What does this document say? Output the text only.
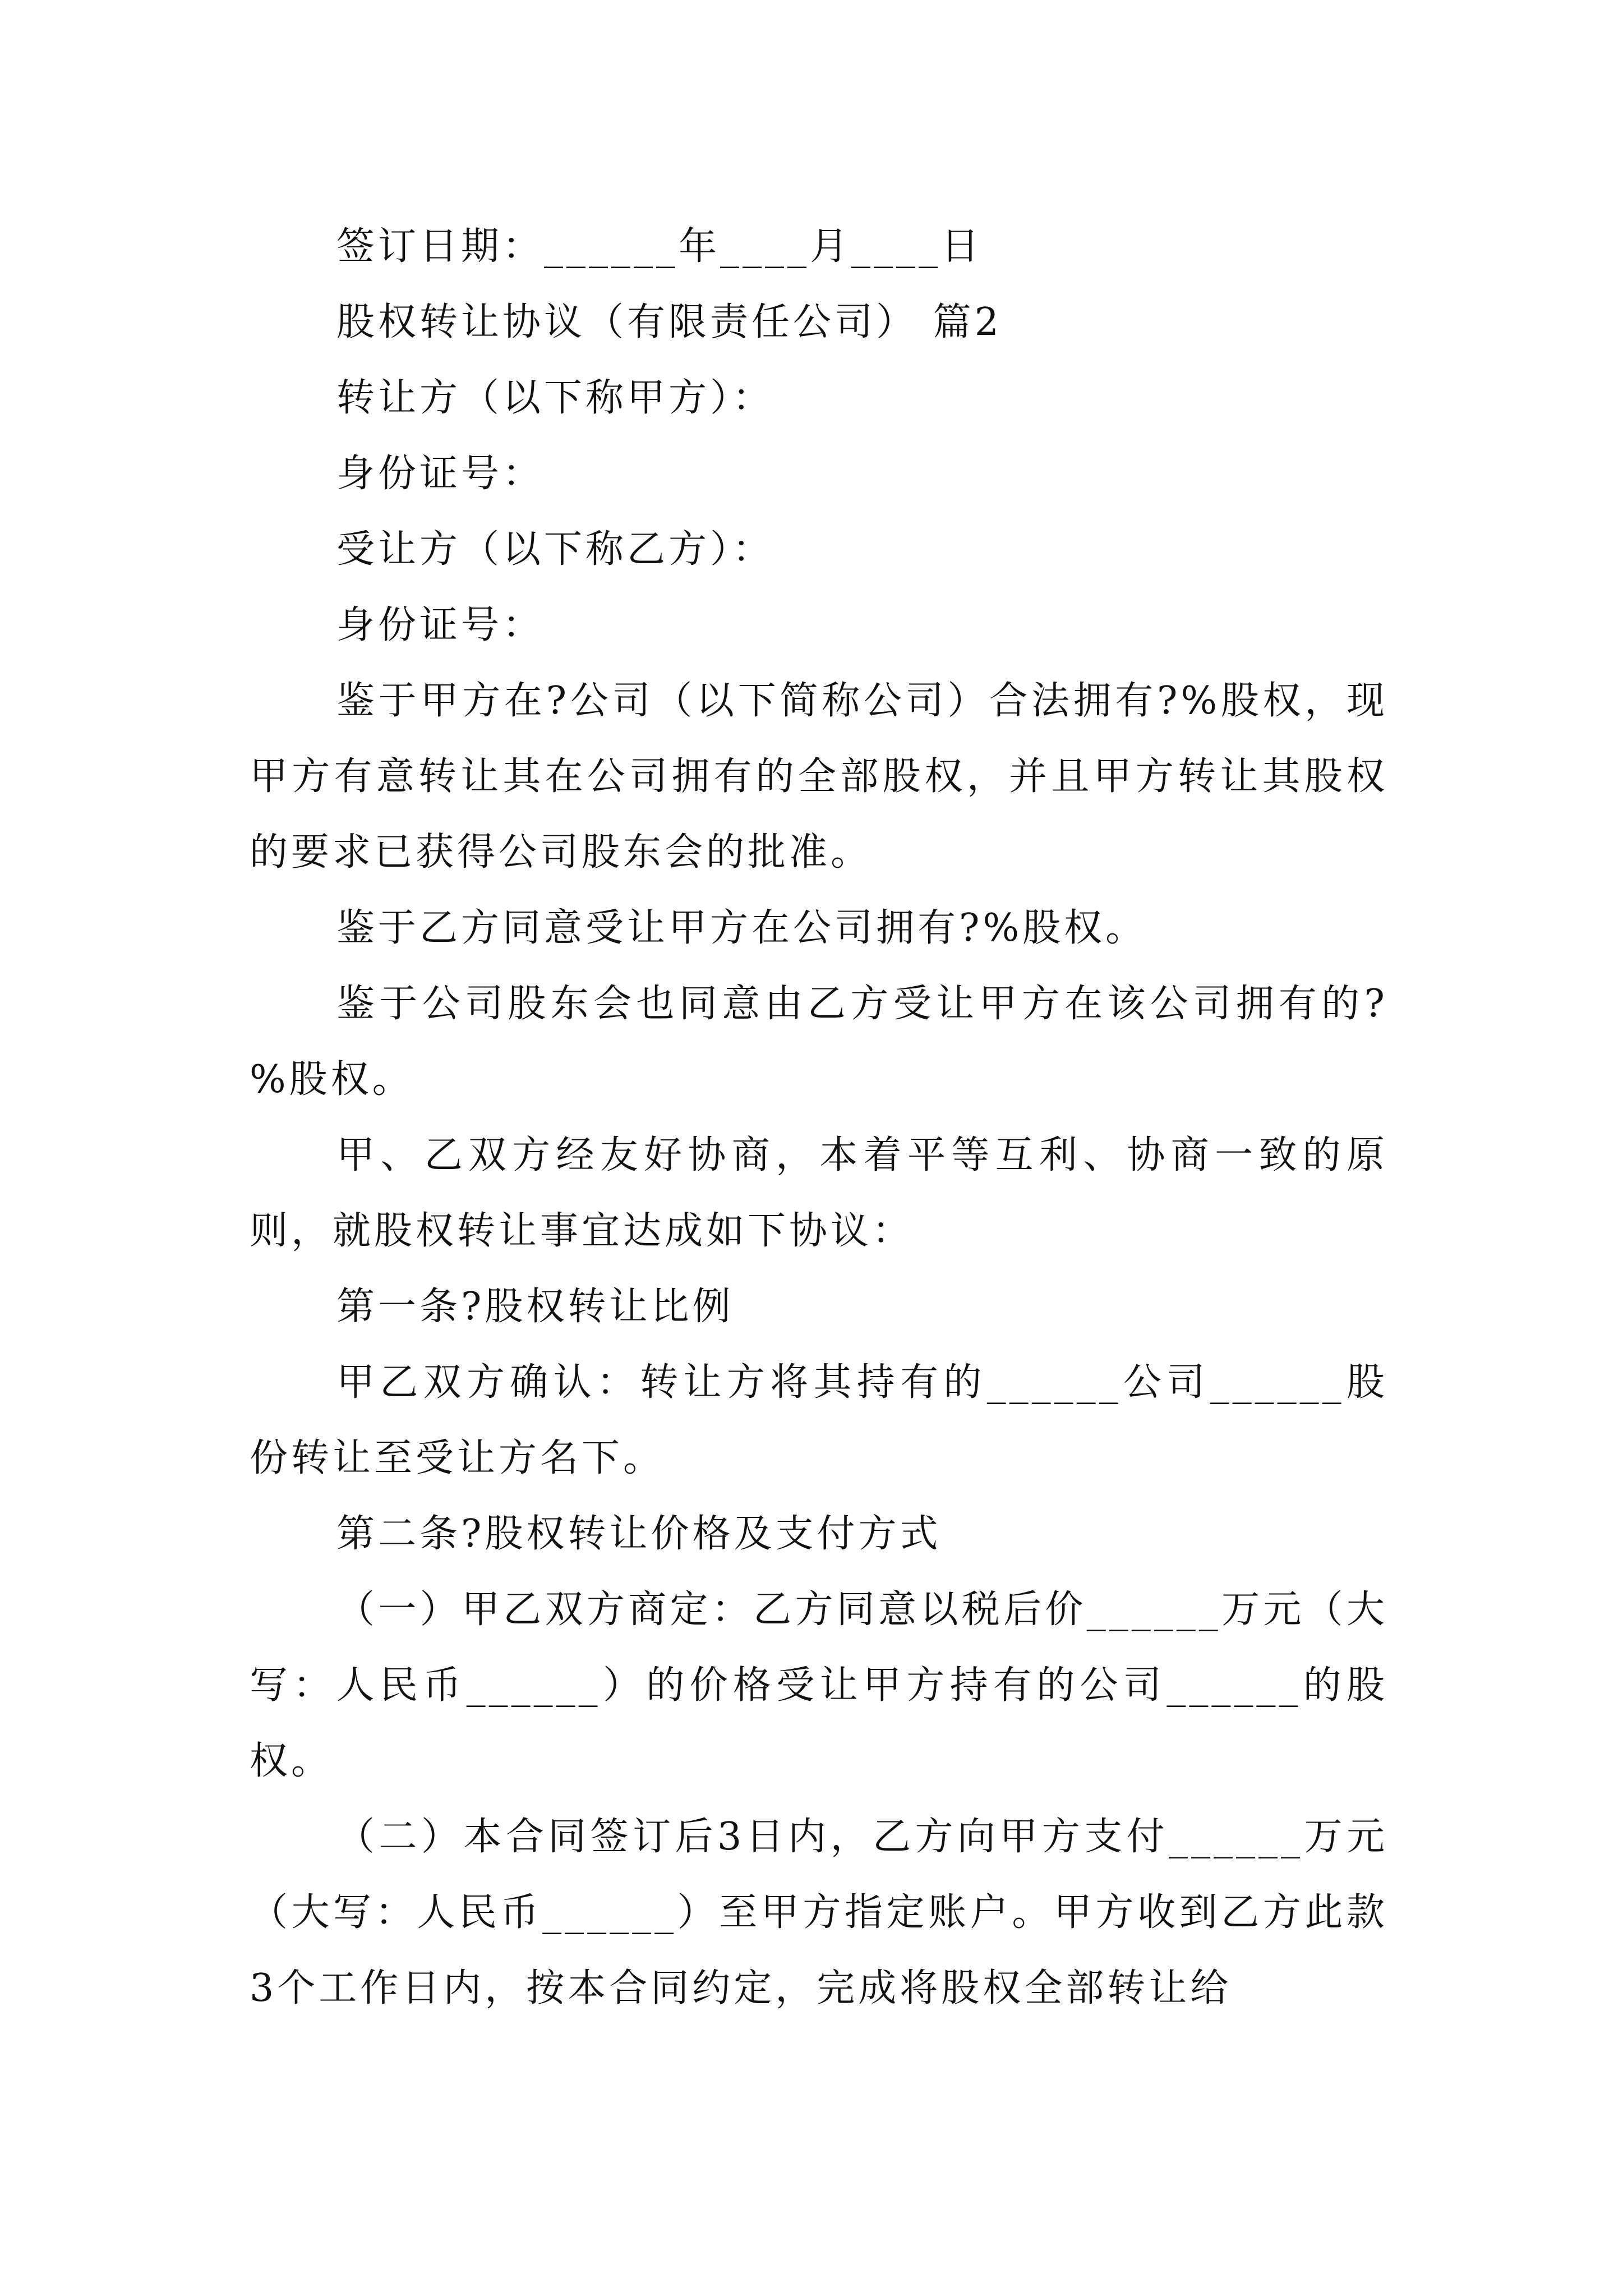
签订日期：______年____月____日
股权转让协议（有限责任公司） 篇2
转让方（以下称甲方）：
身份证号：
受让方（以下称乙方）：
身份证号：

鉴于甲方在?公司（以下简称公司）合法拥有?%股权，现甲方有意转让其在公司拥有的全部股权，并且甲方转让其股权的要求已获得公司股东会的批准。

鉴于乙方同意受让甲方在公司拥有?%股权。

鉴于公司股东会也同意由乙方受让甲方在该公司拥有的?%股权。

甲、乙双方经友好协商，本着平等互利、协商一致的原则，就股权转让事宜达成如下协议：

第一条?股权转让比例

甲乙双方确认：转让方将其持有的______公司______股份转让至受让方名下。

第二条?股权转让价格及支付方式

（一）甲乙双方商定：乙方同意以税后价______万元（大写：人民币______）的价格受让甲方持有的公司______的股权。

（二）本合同签订后3日内，乙方向甲方支付______万元（大写：人民币______）至甲方指定账户。甲方收到乙方此款3个工作日内，按本合同约定，完成将股权全部转让给
